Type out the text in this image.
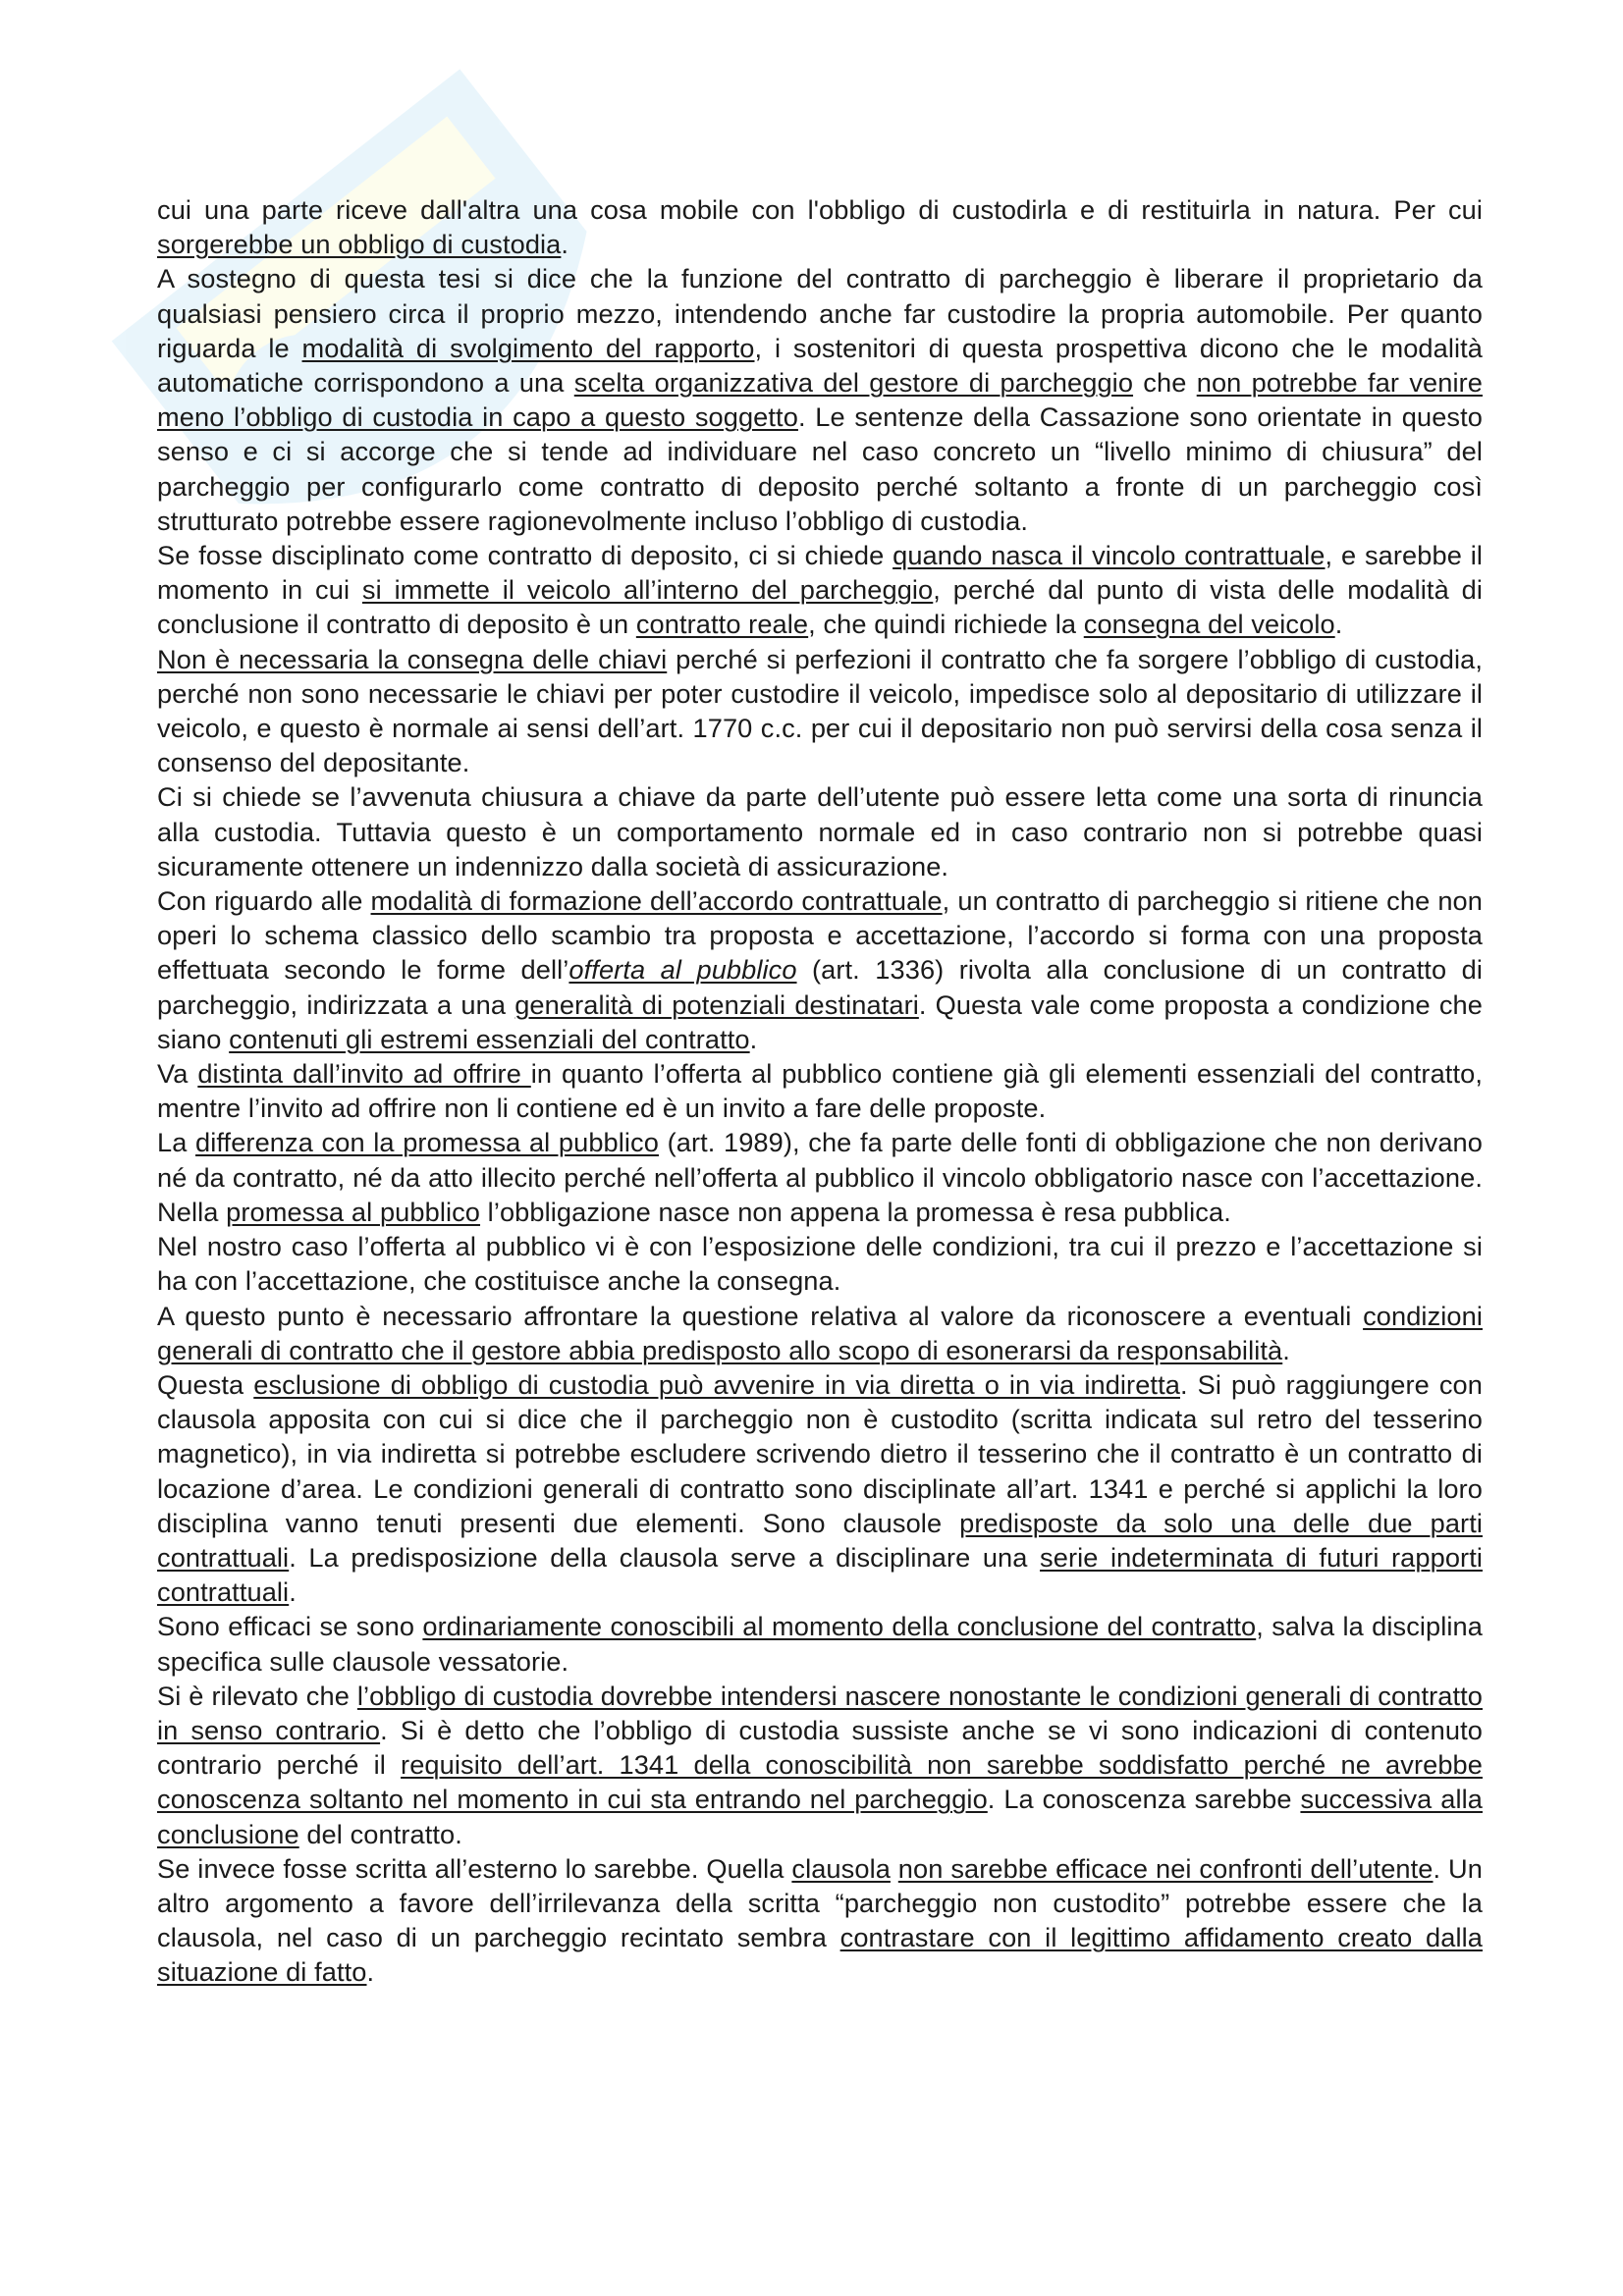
cui una parte riceve dall'altra una cosa mobile con l'obbligo di custodirla e di restituirla in natura. Per cui sorgerebbe un obbligo di custodia.

A sostegno di questa tesi si dice che la funzione del contratto di parcheggio è liberare il proprietario da qualsiasi pensiero circa il proprio mezzo, intendendo anche far custodire la propria automobile. Per quanto riguarda le modalità di svolgimento del rapporto, i sostenitori di questa prospettiva dicono che le modalità automatiche corrispondono a una scelta organizzativa del gestore di parcheggio che non potrebbe far venire meno l’obbligo di custodia in capo a questo soggetto. Le sentenze della Cassazione sono orientate in questo senso e ci si accorge che si tende ad individuare nel caso concreto un “livello minimo di chiusura” del parcheggio per configurarlo come contratto di deposito perché soltanto a fronte di un parcheggio così strutturato potrebbe essere ragionevolmente incluso l’obbligo di custodia.

Se fosse disciplinato come contratto di deposito, ci si chiede quando nasca il vincolo contrattuale, e sarebbe il momento in cui si immette il veicolo all’interno del parcheggio, perché dal punto di vista delle modalità di conclusione il contratto di deposito è un contratto reale, che quindi richiede la consegna del veicolo.

Non è necessaria la consegna delle chiavi perché si perfezioni il contratto che fa sorgere l’obbligo di custodia, perché non sono necessarie le chiavi per poter custodire il veicolo, impedisce solo al depositario di utilizzare il veicolo, e questo è normale ai sensi dell’art. 1770 c.c. per cui il depositario non può servirsi della cosa senza il consenso del depositante.

Ci si chiede se l’avvenuta chiusura a chiave da parte dell’utente può essere letta come una sorta di rinuncia alla custodia. Tuttavia questo è un comportamento normale ed in caso contrario non si potrebbe quasi sicuramente ottenere un indennizzo dalla società di assicurazione.

Con riguardo alle modalità di formazione dell’accordo contrattuale, un contratto di parcheggio si ritiene che non operi lo schema classico dello scambio tra proposta e accettazione, l’accordo si forma con una proposta effettuata secondo le forme dell’offerta al pubblico (art. 1336) rivolta alla conclusione di un contratto di parcheggio, indirizzata a una generalità di potenziali destinatari. Questa vale come proposta a condizione che siano contenuti gli estremi essenziali del contratto.

Va distinta dall’invito ad offrire in quanto l’offerta al pubblico contiene già gli elementi essenziali del contratto, mentre l’invito ad offrire non li contiene ed è un invito a fare delle proposte.

La differenza con la promessa al pubblico (art. 1989), che fa parte delle fonti di obbligazione che non derivano né da contratto, né da atto illecito perché nell’offerta al pubblico il vincolo obbligatorio nasce con l’accettazione. Nella promessa al pubblico l’obbligazione nasce non appena la promessa è resa pubblica.

Nel nostro caso l’offerta al pubblico vi è con l’esposizione delle condizioni, tra cui il prezzo e l’accettazione si ha con l’accettazione, che costituisce anche la consegna.

A questo punto è necessario affrontare la questione relativa al valore da riconoscere a eventuali condizioni generali di contratto che il gestore abbia predisposto allo scopo di esonerarsi da responsabilità.

Questa esclusione di obbligo di custodia può avvenire in via diretta o in via indiretta. Si può raggiungere con clausola apposita con cui si dice che il parcheggio non è custodito (scritta indicata sul retro del tesserino magnetico), in via indiretta si potrebbe escludere scrivendo dietro il tesserino che il contratto è un contratto di locazione d’area. Le condizioni generali di contratto sono disciplinate all’art. 1341 e perché si applichi la loro disciplina vanno tenuti presenti due elementi. Sono clausole predisposte da solo una delle due parti contrattuali. La predisposizione della clausola serve a disciplinare una serie indeterminata di futuri rapporti contrattuali.

Sono efficaci se sono ordinariamente conoscibili al momento della conclusione del contratto, salva la disciplina specifica sulle clausole vessatorie.

Si è rilevato che l’obbligo di custodia dovrebbe intendersi nascere nonostante le condizioni generali di contratto in senso contrario. Si è detto che l’obbligo di custodia sussiste anche se vi sono indicazioni di contenuto contrario perché il requisito dell’art. 1341 della conoscibilità non sarebbe soddisfatto perché ne avrebbe conoscenza soltanto nel momento in cui sta entrando nel parcheggio. La conoscenza sarebbe successiva alla conclusione del contratto.

Se invece fosse scritta all’esterno lo sarebbe. Quella clausola non sarebbe efficace nei confronti dell’utente. Un altro argomento a favore dell’irrilevanza della scritta “parcheggio non custodito” potrebbe essere che la clausola, nel caso di un parcheggio recintato sembra contrastare con il legittimo affidamento creato dalla situazione di fatto.
